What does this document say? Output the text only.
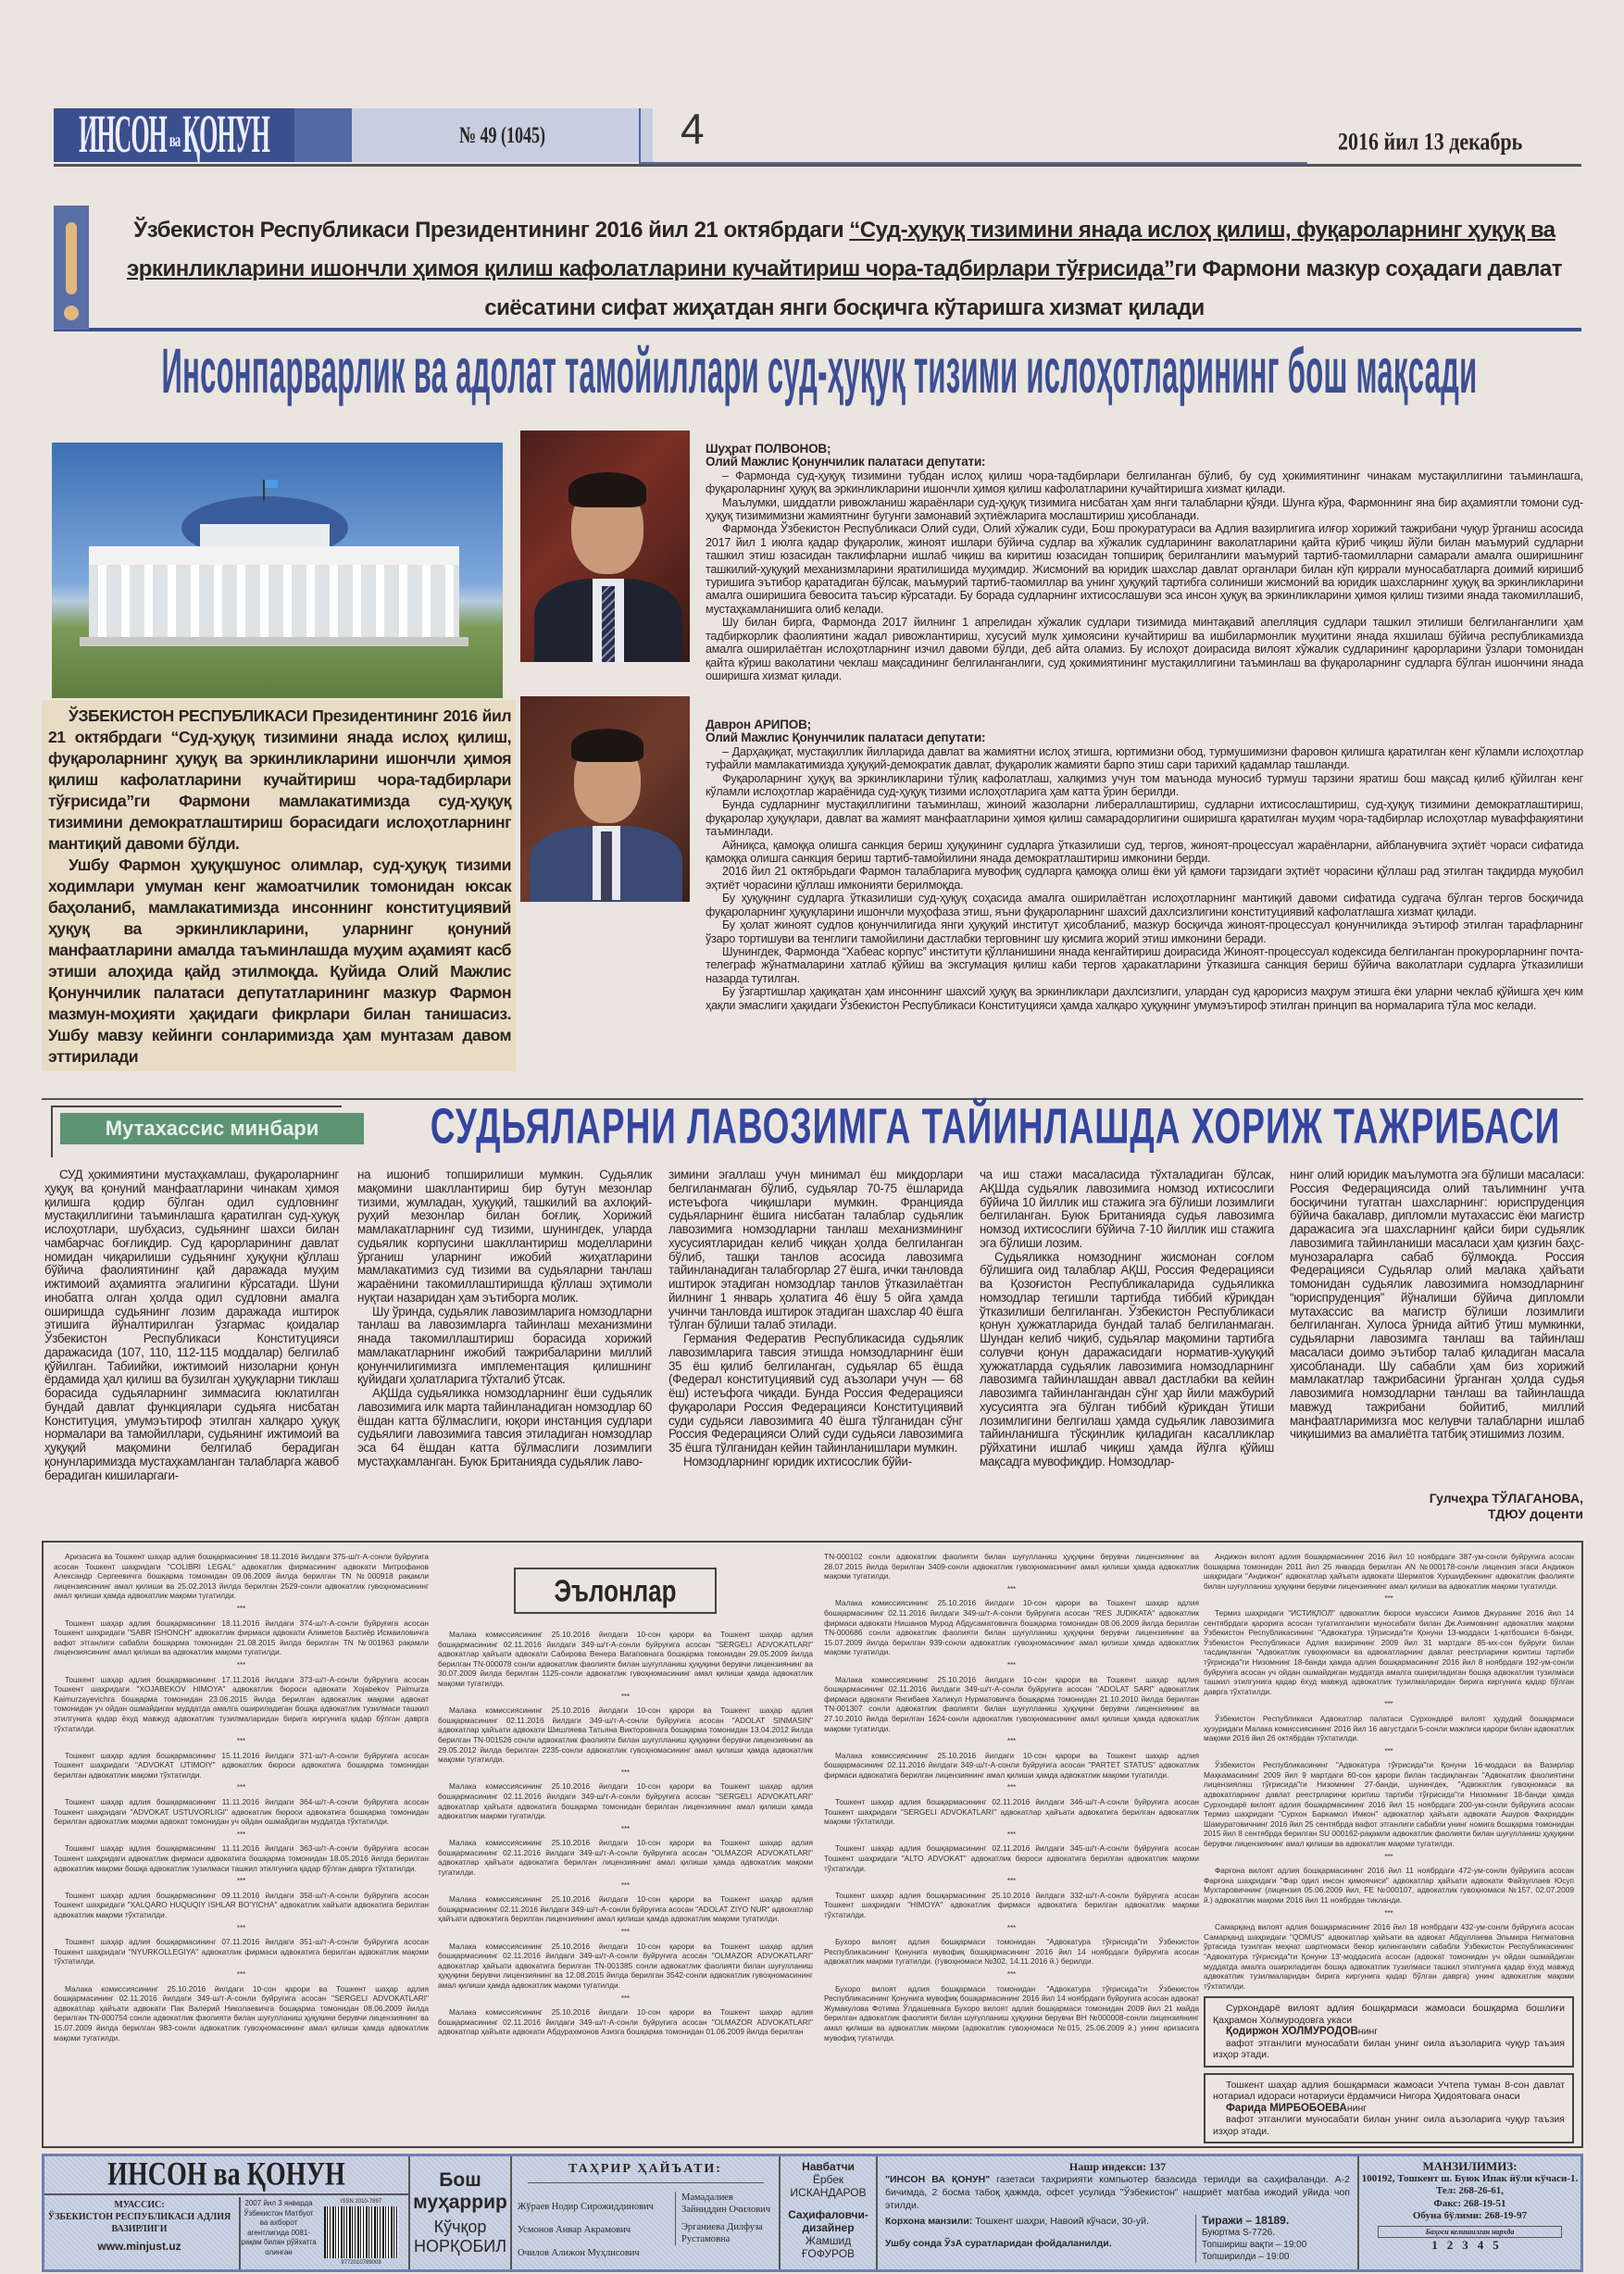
ИНСОН ва ҚОНУН	№ 49 (1045)	4	2016 йил 13 декабрь
Ўзбекистон Республикаси Президентининг 2016 йил 21 октябрдаги “Суд-ҳуқуқ тизимини янада ислоҳ қилиш, фуқароларнинг ҳуқуқ ва эркинликларини ишончли ҳимоя қилиш кафолатларини кучайтириш чора-тадбирлари тўғрисида”ги Фармони мазкур соҳадаги давлат сиёсатини сифат жиҳатдан янги босқичга кўтаришга хизмат қилади
Инсонпарварлик ва адолат тамойиллари суд-ҳуқуқ тизими ислоҳотларининг бош мақсади

Шуҳрат ПОЛВОНОВ;

Олий Мажлис Қонунчилик палатаси депутати:

– Фармонда суд-ҳуқуқ тизимини тубдан ислоҳ қилиш чора-тадбирлари белгиланган бўлиб, бу суд ҳокимиятининг чинакам мустақиллигини таъминлашга, фуқароларнинг ҳуқуқ ва эркинликларини ишончли ҳимоя қилиш кафолатларини кучайтиришга хизмат қилади.

Маълумки, шиддатли ривожланиш жараёнлари суд-ҳуқуқ тизимига нисбатан ҳам янги талабларни қўяди. Шунга кўра, Фармоннинг яна бир аҳамиятли томони суд-ҳуқуқ тизимимизни жамиятнинг бугунги замонавий эҳтиёжларига мослаштириш ҳисобланади.

Фармонда Ўзбекистон Республикаси Олий суди, Олий хўжалик суди, Бош прокуратураси ва Адлия вазирлигига илғор хорижий тажрибани чуқур ўрганиш асосида 2017 йил 1 июлга қадар фуқаролик, жиноят ишлари бўйича судлар ва хўжалик судларининг ваколатларини қайта кўриб чиқиш йўли билан маъмурий судларни ташкил этиш юзасидан таклифларни ишлаб чиқиш ва киритиш юзасидан топшириқ берилганлиги маъмурий тартиб-таомилларни самарали амалга оширишнинг ташкилий-ҳуқуқий механизмларини яратилишида муҳимдир. Жисмоний ва юридик шахслар давлат органлари билан кўп қиррали муносабатларга доимий киришиб туришига эътибор қаратадиган бўлсак, маъмурий тартиб-таомиллар ва унинг ҳуқуқий тартибга солиниши жисмоний ва юридик шахсларнинг ҳуқуқ ва эркинликларини амалга оширишига бевосита таъсир кўрсатади. Бу борада судларнинг ихтисослашуви эса инсон ҳуқуқ ва эркинликларини ҳимоя қилиш тизими янада такомиллашиб, мустаҳкамланишига олиб келади.

Шу билан бирга, Фармонда 2017 йилнинг 1 апрелидан хўжалик судлари тизимида минтақавий апелляция судлари ташкил этилиши белгиланганлиги ҳам тадбиркорлик фаолиятини жадал ривожлантириш, хусусий мулк ҳимоясини кучайтириш ва ишбилармонлик муҳитини янада яхшилаш бўйича республикамизда амалга оширилаётган ислоҳотларнинг изчил давоми бўлди, деб айта оламиз. Бу ислоҳот доирасида вилоят хўжалик судларининг қарорларини ўзлари томонидан қайта кўриш ваколатини чеклаш мақсадининг белгиланганлиги, суд ҳокимиятининг мустақиллигини таъминлаш ва фуқароларнинг судларга бўлган ишончини янада оширишга хизмат қилади.

Даврон АРИПОВ;

Олий Мажлис Қонунчилик палатаси депутати:

– Дарҳақиқат, мустақиллик йилларида давлат ва жамиятни ислоҳ этишга, юртимизни обод, турмушимизни фаровон қилишга қаратилган кенг кўламли ислоҳотлар туфайли мамлакатимизда ҳуқуқий-демократик давлат, фуқаролик жамияти барпо этиш сари тарихий қадамлар ташланди.

Фуқароларнинг ҳуқуқ ва эркинликларини тўлиқ кафолатлаш, халқимиз учун том маънода муносиб турмуш тарзини яратиш бош мақсад қилиб қўйилган кенг кўламли ислоҳотлар жараёнида суд-ҳуқуқ тизими ислоҳотларига ҳам катта ўрин берилди.

Бунда судларнинг мустақиллигини таъминлаш, жиноий жазоларни либераллаштириш, судларни ихтисослаштириш, суд-ҳуқуқ тизимини демократлаштириш, фуқаролар ҳуқуқлари, давлат ва жамият манфаатларини ҳимоя қилиш самарадорлигини оширишга қаратилган муҳим чора-тадбирлар ислоҳотлар муваффақиятини таъминлади.

Айниқса, қамоққа олишга санкция бериш ҳуқуқининг судларга ўтказилиши суд, тергов, жиноят-процессуал жараёнларни, айбланувчига эҳтиёт чораси сифатида қамоққа олишга санкция бериш тартиб-тамойилини янада демократлаштириш имконини берди.

2016 йил 21 октябрьдаги Фармон талабларига мувофиқ судларга қамоққа олиш ёки уй қамоғи тарзидаги эҳтиёт чорасини қўллаш рад этилган тақдирда муқобил эҳтиёт чорасини қўллаш имконияти берилмоқда.

Бу ҳуқуқнинг судларга ўтказилиши суд-ҳуқуқ соҳасида амалга оширилаётган ислоҳотларнинг мантиқий давоми сифатида судгача бўлган тергов босқичида фуқароларнинг ҳуқуқларини ишончли муҳофаза этиш, яъни фуқароларнинг шахсий дахлсизлигини конституциявий кафолатлашга хизмат қилади.

Бу ҳолат жиноят судлов қонунчилигида янги ҳуқуқий институт ҳисобланиб, мазкур босқичда жиноят-процессуал қонунчиликда эътироф этилган тарафларнинг ўзаро тортишуви ва тенглиги тамойилини дастлабки терговнинг шу қисмига жорий этиш имконини беради.

Шунингдек, Фармонда “Хабеас корпус” институти қўлланишини янада кенгайтириш доирасида Жиноят-процессуал кодексида белгиланган прокурорларнинг почта-телеграф жўнатмаларини хатлаб қўйиш ва эксгумация қилиш каби тергов ҳаракатларини ўтказишга санкция бериш бўйича ваколатлари судларга ўтказилиши назарда тутилган.

Бу ўзгартишлар ҳақиқатан ҳам инсоннинг шахсий ҳуқуқ ва эркинликлари дахлсизлиги, улардан суд қарорисиз маҳрум этишга ёки уларни чеклаб қўйишга ҳеч ким ҳақли эмаслиги ҳақидаги Ўзбекистон Республикаси Конституцияси ҳамда халқаро ҳуқуқнинг умумэътироф этилган принцип ва нормаларига тўла мос келади.

ЎЗБЕКИСТОН РЕСПУБЛИКАСИ Президентининг 2016 йил 21 октябрдаги “Суд-ҳуқуқ тизимини янада ислоҳ қилиш, фуқароларнинг ҳуқуқ ва эркинликларини ишончли ҳимоя қилиш кафолатларини кучайтириш чора-тадбирлари тўғрисида”ги Фармони мамлакатимизда суд-ҳуқуқ тизимини демократлаштириш борасидаги ислоҳотларнинг мантиқий давоми бўлди.

Ушбу Фармон ҳуқуқшунос олимлар, суд-ҳуқуқ тизими ходимлари умуман кенг жамоатчилик томонидан юксак баҳоланиб, мамлакатимизда инсоннинг конституциявий ҳуқуқ ва эркинликларини, уларнинг қонуний манфаатларини амалда таъминлашда муҳим аҳамият касб этиши алоҳида қайд этилмоқда. Қуйида Олий Мажлис Қонунчилик палатаси депутатларининг мазкур Фармон мазмун-моҳияти ҳақидаги фикрлари билан танишасиз. Ушбу мавзу кейинги сонларимизда ҳам мунтазам давом эттирилади

Мутахассис минбари	СУДЬЯЛАРНИ ЛАВОЗИМГА ТАЙИНЛАШДА ХОРИЖ ТАЖРИБАСИ

СУД ҳокимиятини мустаҳкамлаш, фуқароларнинг ҳуқуқ ва қонуний манфаатларини чинакам ҳимоя қилишга қодир бўлган одил судловнинг мустақиллигини таъминлашга қаратилган суд-ҳуқуқ ислоҳотлари, шубҳасиз, судьянинг шахси билан чамбарчас боғлиқдир. Суд қарорларининг давлат номидан чиқарилиши судьянинг ҳуқуқни қўллаш бўйича фаолиятининг қай даражада муҳим ижтимоий аҳамиятга эгалигини кўрсатади. Шуни инобатга олган ҳолда одил судловни амалга оширишда судьянинг лозим даражада иштирок этишига йўналтирилган ўзгармас қоидалар Ўзбекистон Республикаси Конституцияси даражасида (107, 110, 112-115 моддалар) белгилаб қўйилган. Табиийки, ижтимоий низоларни қонун ёрдамида ҳал қилиш ва бузилган ҳуқуқларни тиклаш борасида судьяларнинг зиммасига юклатилган бундай давлат функциялари судьяга нисбатан Конституция, умумэътироф этилган халқаро ҳуқуқ нормалари ва тамойиллари, судьянинг ижтимоий ва ҳуқуқий мақомини белгилаб берадиган қонунларимизда мустаҳкамланган талабларга жавоб берадиган кишиларгаги-

на ишониб топширилиши мумкин. Судьялик мақомини шакллантириш бир бутун мезонлар тизими, жумладан, ҳуқуқий, ташкилий ва ахлоқий-руҳий мезонлар билан боғлиқ. Хорижий мамлакатларнинг суд тизими, шунингдек, уларда судьялик корпусини шакллантириш моделларини ўрганиш уларнинг ижобий жиҳатларини мамлакатимиз суд тизими ва судьяларни танлаш жараёнини такомиллаштиришда қўллаш эҳтимоли нуқтаи назаридан ҳам эътиборга молик.

Шу ўринда, судьялик лавозимларига номзодларни танлаш ва лавозимларга тайинлаш механизмини янада такомиллаштириш борасида хорижий мамлакатларнинг ижобий тажрибаларини миллий қонунчилигимизга имплементация қилишнинг қуйидаги ҳолатларига тўхталиб ўтсак.

АҚШда судьяликка номзодларнинг ёши судьялик лавозимига илк марта тайинланадиган номзодлар 60 ёшдан катта бўлмаслиги, юқори инстанция судлари судьялиги лавозимига тавсия этиладиган номзодлар эса 64 ёшдан катта бўлмаслиги лозимлиги мустаҳкамланган. Буюк Британияда судьялик лаво-

зимини эгаллаш учун минимал ёш миқдорлари белгиланмаган бўлиб, судьялар 70-75 ёшларида истеъфога чиқишлари мумкин. Францияда судьяларнинг ёшига нисбатан талаблар судьялик лавозимига номзодларни танлаш механизмининг хусусиятларидан келиб чиққан ҳолда белгиланган бўлиб, ташқи танлов асосида лавозимга тайинланадиган талабгорлар 27 ёшга, ички танловда иштирок этадиган номзодлар танлов ўтказилаётган йилнинг 1 январь ҳолатига 46 ёшу 5 ойга ҳамда учинчи танловда иштирок этадиган шахслар 40 ёшга тўлган бўлиши талаб этилади.

Германия Федератив Республикасида судьялик лавозимларига тавсия этишда номзодларнинг ёши 35 ёш қилиб белгиланган, судьялар 65 ёшда (Федерал конституциявий суд аъзолари учун — 68 ёш) истеъфога чиқади. Бунда Россия Федерацияси фуқаролари Россия Федерацияси Конституциявий суди судьяси лавозимига 40 ёшга тўлганидан сўнг Россия Федерацияси Олий суди судьяси лавозимига 35 ёшга тўлганидан кейин тайинланишлари мумкин.

Номзодларнинг юридик ихтисослик бўйи-

ча иш стажи масаласида тўхталадиган бўлсак, АҚШда судьялик лавозимига номзод ихтисослиги бўйича 10 йиллик иш стажига эга бўлиши лозимлиги белгиланган. Буюк Британияда судья лавозимга номзод ихтисослиги бўйича 7-10 йиллик иш стажига эга бўлиши лозим.

Судьяликка номзоднинг жисмонан соғлом бўлишига оид талаблар АҚШ, Россия Федерацияси ва Қозоғистон Республикаларида судьяликка номзодлар тегишли тартибда тиббий кўрикдан ўтказилиши белгиланган. Ўзбекистон Республикаси қонун ҳужжатларида бундай талаб белгиланмаган. Шундан келиб чиқиб, судьялар мақомини тартибга солувчи қонун даражасидаги норматив-ҳуқуқий ҳужжатларда судьялик лавозимига номзодларнинг лавозимга тайинлашдан аввал дастлабки ва кейин лавозимга тайинлангандан сўнг ҳар йили мажбурий хусусиятга эга бўлган тиббий кўрикдан ўтиши лозимлигини белгилаш ҳамда судьялик лавозимига тайинланишга тўсқинлик қиладиган касалликлар рўйхатини ишлаб чиқиш ҳамда йўлга қўйиш мақсадга мувофиқдир. Номзодлар-

нинг олий юридик маълумотга эга бўлиши масаласи: Россия Федерациясида олий таълимнинг учта босқичини тугатган шахсларнинг: юриспруденция бўйича бакалавр, дипломли мутахассис ёки магистр даражасига эга шахсларнинг қайси бири судьялик лавозимига тайинланиши масаласи ҳам қизғин баҳс-мунозараларга сабаб бўлмоқда. Россия Федерацияси Судьялар олий малака ҳайъати томонидан судьялик лавозимига номзодларнинг “юриспруденция” йўналиши бўйича дипломли мутахассис ва магистр бўлиши лозимлиги белгиланган. Хулоса ўрнида айтиб ўтиш мумкинки, судьяларни лавозимга танлаш ва тайинлаш масаласи доимо эътибор талаб қиладиган масала ҳисобланади. Шу сабабли ҳам биз хорижий мамлакатлар тажрибасини ўрганган ҳолда судья лавозимига номзодларни танлаш ва тайинлашда мавжуд тажрибани бойитиб, миллий манфаатларимизга мос келувчи талабларни ишлаб чиқишимиз ва амалиётга татбиқ этишимиз лозим.

Гулчеҳра ТЎЛАГАНОВА,
ТДЮУ доценти
Эълонлар

Аризасига ва Тошкент шаҳар адлия бошқармасининг 18.11.2016 йилдаги 375-ш/т-А-сонли буйруғига асосан Тошкент шаҳридаги "COLIBRI LEGAL" адвокатлик фирмасининг адвокати Митрофанов Александр Сергеевичга бошқарма томонидан 09.06.2009 йилда берилган TN №000918 рақамли лицензиясининг амал қилиши ва 25.02.2013 йилда берилган 2529-сонли адвокатлик гувоҳномасининг амал қилиши ҳамда адвокатлик мақоми тугатилди.

***

Тошкент шаҳар адлия бошқармасининг 18.11.2016 йилдаги 374-ш/т-А-сонли буйруғига асосан Тошкент шаҳридаги "SABR ISHONCH" адвокатлик фирмаси адвокати Алиметов Бахтиёр Исмаиловичга вафот этганлиги сабабли бошқарма томонидан 21.08.2015 йилда берилган TN №001963 рақамли лицензиясининг амал қилиши ва адвокатлик мақоми тугатилди.

***

Тошкент шаҳар адлия бошқармасининг 17.11.2016 йилдаги 373-ш/т-А-сонли буйруғига асосан Тошкент шаҳридаги "XOJABEKOV HIMOYA" адвокатлик бюроси адвокати Xojabekov Palmurza Kaimurzayevichга бошқарма томонидан 23.06.2015 йилда берилган адвокатлик мақоми адвокат томонидан уч ойдан ошмайдиган муддатда амалга ошириладиган бошқа адвокатлик тузилмаси ташкил этилгунига қадар ёхуд мавжуд адвокатлик тузилмаларидан бирига киргунига қадар бўлган даврга тўхтатилди.

***

Тошкент шаҳар адлия бошқармасининг 15.11.2016 йилдаги 371-ш/т-А-сонли буйруғига асосан Тошкент шаҳридаги "ADVOKAT IJTIMOIY" адвокатлик бюроси адвокатига бошқарма томонидан берилган адвокатлик мақоми тўхтатилди.

***

Тошкент шаҳар адлия бошқармасининг 11.11.2016 йилдаги 364-ш/т-А-сонли буйруғига асосан Тошкент шаҳридаги "ADVOKAT USTUVORLIGI" адвокатлик бюроси адвокатига бошқарма томонидан берилган адвокатлик мақоми адвокат томонидан уч ойдан ошмайдиган муддатда тўхтатилди.

***

Тошкент шаҳар адлия бошқармасининг 11.11.2016 йилдаги 363-ш/т-А-сонли буйруғига асосан Тошкент шаҳридаги адвокатлик фирмаси адвокатига бошқарма томонидан 18.05.2016 йилда берилган адвокатлик мақоми бошқа адвокатлик тузилмаси ташкил этилгунига қадар бўлган даврга тўхтатилди.

***

Тошкент шаҳар адлия бошқармасининг 09.11.2016 йилдаги 358-ш/т-А-сонли буйруғига асосан Тошкент шаҳридаги "XALQARO HUQUQIY ISHLAR BO'YICHA" адвокатлик хайъати адвокатига берилган адвокатлик мақоми тўхтатилди.

***

Тошкент шаҳар адлия бошқармасининг 07.11.2016 йилдаги 351-ш/т-А-сонли буйруғига асосан Тошкент шаҳридаги "NYURKOLLEGIYA" адвокатлик фирмаси адвокатига берилган адвокатлик мақоми тўхтатилди.

***

Малака комиссиясининг 25.10.2016 йилдаги 10-сон қарори ва Тошкент шаҳар адлия бошқармасининг 02.11.2016 йилдаги 349-ш/т-А-сонли буйруғига асосан "SERGELI ADVOKATLARI" адвокатлар ҳайъати адвокати Пак Валерий Николаевичга бошқарма томонидан 08.06.2009 йилда берилган TN-000754 сонли адвокатлик фаолияти билан шуғулланиш ҳуқуқини берувчи лицензиянинг ва 15.07.2009 йилда берилган 983-сонли адвокатлик гувоҳномасининг амал қилиши ҳамда адвокатлик мақоми тугатилди.

Малака комиссиясининг 25.10.2016 йилдаги 10-сон қарори ва Тошкент шаҳар адлия бошқармасининг 02.11.2016 йилдаги 349-ш/т-А-сонли буйруғига асосан "SERGELI ADVOKATLARI" адвокатлар ҳайъати адвокати Сабирова Венера Вагаповнага бошқарма томонидан 29.05.2009 йилда берилган TN-000078 сонли адвокатлик фаолияти билан шуғулланиш ҳуқуқини берувчи лицензиянинг ва 30.07.2009 йилда берилган 1125-сонли адвокатлик гувоҳномасининг амал қилиши ҳамда адвокатлик мақоми тугатилди.

***

Малака комиссиясининг 25.10.2016 йилдаги 10-сон қарори ва Тошкент шаҳар адлия бошқармасининг 02.11.2016 йилдаги 349-ш/т-А-сонли буйруғига асосан "ADOLAT SINMASIN" адвокатлар ҳайъати адвокати Шишляева Татьяна Викторовнага бошқарма томонидан 13.04.2012 йилда берилган TN-001526 сонли адвокатлик фаолияти билан шуғулланиш ҳуқуқини берувчи лицензиянинг ва 29.05.2012 йилда берилган 2235-сонли адвокатлик гувоҳномасининг амал қилиши ҳамда адвокатлик мақоми тугатилди.

***

Малака комиссиясининг 25.10.2016 йилдаги 10-сон қарори ва Тошкент шаҳар адлия бошқармасининг 02.11.2016 йилдаги 349-ш/т-А-сонли буйруғига асосан "SERGELI ADVOKATLARI" адвокатлар ҳайъати адвокатига бошқарма томонидан берилган лицензиянинг амал қилиши ҳамда адвокатлик мақоми тугатилди.

***

Малака комиссиясининг 25.10.2016 йилдаги 10-сон қарори ва Тошкент шаҳар адлия бошқармасининг 02.11.2016 йилдаги 349-ш/т-А-сонли буйруғига асосан "OLMAZOR ADVOKATLARI" адвокатлар ҳайъати адвокатига берилган лицензиянинг амал қилиши ҳамда адвокатлик мақоми тугатилди.

***

Малака комиссиясининг 25.10.2016 йилдаги 10-сон қарори ва Тошкент шаҳар адлия бошқармасининг 02.11.2016 йилдаги 349-ш/т-А-сонли буйруғига асосан "ADOLAT ZIYO NUR" адвокатлар ҳайъати адвокатига берилган лицензиянинг амал қилиши ҳамда адвокатлик мақоми тугатилди.

***

Малака комиссиясининг 25.10.2016 йилдаги 10-сон қарори ва Тошкент шаҳар адлия бошқармасининг 02.11.2016 йилдаги 349-ш/т-А-сонли буйруғига асосан "OLMAZOR ADVOKATLARI" адвокатлар ҳайъати адвокатига берилган TN-001385 сонли адвокатлик фаолияти билан шуғулланиш ҳуқуқини берувчи лицензиянинг ва 12.08.2015 йилда берилган 3542-сонли адвокатлик гувоҳномасининг амал қилиши ҳамда адвокатлик мақоми тугатилди.

***

Малака комиссиясининг 25.10.2016 йилдаги 10-сон қарори ва Тошкент шаҳар адлия бошқармасининг 02.11.2016 йилдаги 349-ш/т-А-сонли буйруғига асосан "OLMAZOR ADVOKATLARI" адвокатлар ҳайъати адвокати Абдурахмонов Азизга бошқарма томонидан 01.06.2009 йилда берилган

TN-000102 сонли адвокатлик фаолияти билан шуғулланиш ҳуқуқини берувчи лицензиянинг ва 28.07.2015 йилда берилган 3409-сонли адвокатлик гувоҳномасининг амал қилиши ҳамда адвокатлик мақоми тугатилди.

***

Малака комиссиясининг 25.10.2016 йилдаги 10-сон қарори ва Тошкент шаҳар адлия бошқармасининг 02.11.2016 йилдаги 349-ш/т-А-сонли буйруғига асосан "RES JUDIKATA" адвокатлик фирмаси адвокати Нишанов Мурод Абдусаматовичга бошқарма томонидан 08.06.2009 йилда берилган TN-000686 сонли адвокатлик фаолияти билан шуғулланиш ҳуқуқини берувчи лицензиянинг ва 15.07.2009 йилда берилган 939-сонли адвокатлик гувоҳномасининг амал қилиши ҳамда адвокатлик мақоми тугатилди.

***

Малака комиссиясининг 25.10.2016 йилдаги 10-сон қарори ва Тошкент шаҳар адлия бошқармасининг 02.11.2016 йилдаги 349-ш/т-А-сонли буйруғига асосан "ADOLAT SARI" адвокатлик фирмаси адвокати Янгибаев Халикул Нурматовичга бошқарма томонидан 21.10.2010 йилда берилган TN-001307 сонли адвокатлик фаолияти билан шуғулланиш ҳуқуқини берувчи лицензиянинг ва 27.10.2010 йилда берилган 1624-сонли адвокатлик гувоҳномасининг амал қилиши ҳамда адвокатлик мақоми тугатилди.

***

Малака комиссиясининг 25.10.2016 йилдаги 10-сон қарори ва Тошкент шаҳар адлия бошқармасининг 02.11.2016 йилдаги 349-ш/т-А-сонли буйруғига асосан "PARTET STATUS" адвокатлик фирмаси адвокатига берилган лицензиянинг амал қилиши ҳамда адвокатлик мақоми тугатилди.

***

Тошкент шаҳар адлия бошқармасининг 02.11.2016 йилдаги 346-ш/т-А-сонли буйруғига асосан Тошкент шаҳридаги "SERGELI ADVOKATLARI" адвокатлар ҳайъати адвокатига берилган адвокатлик мақоми тўхтатилди.

***

Тошкент шаҳар адлия бошқармасининг 02.11.2016 йилдаги 345-ш/т-А-сонли буйруғига асосан Тошкент шаҳридаги "ALTO ADVOKAT" адвокатлик бюроси адвокатига берилган адвокатлик мақоми тўхтатилди.

***

Тошкент шаҳар адлия бошқармасининг 25.10.2016 йилдаги 332-ш/т-А-сонли буйруғига асосан Тошкент шаҳридаги "HIMOYA" адвокатлик фирмаси адвокатига берилган адвокатлик мақоми тўхтатилди.

***

Бухоро вилоят адлия бошқармаси томонидан "Адвокатура тўғрисида"ги Ўзбекистон Республикасининг Қонунига мувофиқ бошқармасининг 2016 йил 14 ноябрдаги буйруғига асосан адвокатлик мақоми тугатилди. (гувоҳномаси №302, 14.11.2016 й.) берилди.

***

Бухоро вилоят адлия бошқармаси томонидан "Адвокатура тўғрисида"ги Ўзбекистон Республикасининг Қонунига мувофиқ бошқармасининг 2016 йил 14 ноябрдаги буйруғига асосан адвокат Жумакулова Фотима Ўлдашевнага Бухоро вилоят адлия бошқармаси томонидан 2009 йил 21 майда берилган адвокатлик фаолияти билан шуғулланиш ҳуқуқини берувчи BH №000008-сонли лицензиянинг амал қилиши ва адвокатлик мақоми (адвокатлик гувоҳномаси №015, 25.06.2009 й.) унинг аризасига мувофиқ тугатилди.

Андижон вилоят адлия бошқармасининг 2016 йил 10 ноябрдаги 387-ум-сонли буйруғига асосан бошқарма томонидан 2011 йил 25 январда берилган AN №000178-сонли лицензия эгаси Андижон шаҳридаги "Андижон" адвокатлар ҳайъати адвокати Шерматов Хуршидбекнинг адвокатлик фаолияти билан шуғулланиш ҳуқуқини берувчи лицензиянинг амал қилиши ва адвокатлик мақоми тугатилди.

***

Термиз шаҳридаги "ИСТИҚЛОЛ" адвокатлик бюроси муассиси Азимов Джуранинг 2016 йил 14 сентябрдаги қарорига асосан тугатилганлиги муносабати билан Дж.Азимовнинг адвокатлик мақоми Ўзбекистон Республикасининг "Адвокатура тўғрисида"ги Қонуни 13-моддаси 1-қатбошиси 6-банди, Ўзбекистон Республикаси Адлия вазирининг 2009 йил 31 мартдаги 85-мх-сон буйруғи билан тасдиқланган "Адвокатлик гувоҳномаси ва адвокатларнинг давлат реестрларини юритиш тартиби тўғрисида"ги Низомнинг 18-банди ҳамда адлия бошқармасининг 2016 йил 8 ноябрдаги 192-ум-сонли буйруғига асосан уч ойдан ошмайдиган муддатда амалга ошириладиган бошқа адвокатлик тузилмаси ташкил этилгунига қадар ёхуд мавжуд адвокатлик тузилмаларидан бирига киргунига қадар бўлган даврга тўхтатилди.

***

Ўзбекистон Республикаси Адвокатлар палатаси Сурхондарё вилоят ҳудудий бошқармаси ҳузуридаги Малака комиссиясининг 2016 йил 16 августдаги 5-сонли мажлиси қарори билан адвокатлик мақоми 2016 йил 26 октябрдан тўхтатилди.

***

Ўзбекистон Республикасининг "Адвокатура тўғрисида"ги Қонуни 16-моддаси ва Вазирлар Маҳкамасининг 2009 йил 9 мартдаги 60-сон қарори билан тасдиқланган "Адвокатлик фаолиятини лицензиялаш тўғрисида"ги Низомнинг 27-банди, шунингдек, "Адвокатлик гувоҳномаси ва адвокатларнинг давлат реестрларини юритиш тартиби тўғрисида"ги Низомнинг 18-банди ҳамда Сурхондарё вилоят адлия бошқармасининг 2016 йил 15 ноябрдаги 200-ум-сонли буйруғига асосан Термиз шаҳридаги "Сурхон Баркамол Имкон" адвокатлар ҳайъати адвокати Ашуров Фахриддин Шамуратовичнинг 2016 йил 25 сентябрда вафот этганлиги сабабли унинг номига бошқарма томонидан 2015 йил 8 сентябрда берилган SU 000162-рақамли адвокатлик фаолияти билан шуғулланиш ҳуқуқини берувчи лицензиянинг амал қилиши ва адвокатлик мақоми тугатилди.

***

Фарғона вилоят адлия бошқармасининг 2016 йил 11 ноябрдаги 472-ум-сонли буйруғига асосан Фарғона шаҳридаги "Фар одил инсон ҳимоячиси" адвокатлар ҳайъати адвокати Файзуллаев Юсуп Мухтаровичнинг (лицензия 05.06.2009 йил, FE №000107, адвокатлик гувоҳномаси №157, 02.07.2009 й.) адвокатлик мақоми 2016 йил 11 ноябрдан тикланди.

***

Самарқанд вилоят адлия бошқармасининг 2016 йил 18 ноябрдаги 432-ум-сонли буйруғига асосан Самарқанд шаҳридаги "QOMUS" адвокатлар ҳайъати ва адвокат Абдуллаева Эльмира Нигматовна ўртасида тузилган меҳнат шартномаси бекор қилинганлиги сабабли Ўзбекистон Республикасининг "Адвокатура тўғрисида"ги Қонуни 13'-моддасига асосан (адвокат томонидан уч ойдан ошмайдиган муддатда амалга ошириладиган бошқа адвокатлик тузилмаси ташкил этилгунига қадар ёхуд мавжуд адвокатлик тузилмаларидан бирига киргунига қадар бўлган даврга) унинг адвокатлик мақоми тўхтатилди.

Сурхондарё вилоят адлия бошқармаси жамоаси бошқарма бошлиғи Қаҳрамон Холмуродовга укаси

Қодиржон ХОЛМУРОДОВнинг

вафот этганлиги муносабати билан унинг оила аъзоларига чуқур таъзия изҳор этади.

Тошкент шаҳар адлия бошқармаси жамоаси Учтепа туман 8-сон давлат нотариал идораси нотариуси ёрдамчиси Нигора Ҳидоятовага онаси

Фарида МИРБОБОЕВАнинг

вафот этганлиги муносабати билан унинг оила аъзоларига чуқур таъзия изҳор этади.

ИНСОН ва ҚОНУН
МУАССИС:
ЎЗБЕКИСТОН РЕСПУБЛИКАСИ АДЛИЯ ВАЗИРЛИГИ
www.minjust.uz
2007 йил 3 январда Ўзбекистон Матбуот ва ахборот агентлигида 0081-рақам билан рўйхатга олинган
ISSN 2010-7897
9772010789008
Бош муҳаррир
Кўчқор
НОРҚОБИЛ
ТАҲРИР ҲАЙЪАТИ:
Жўраев Нодир Сирожиддинович
Усмонов Анвар Акрамович
Очилов Алижон Муҳлисович
Мамадалиев Зайниддин Очилович
Эрганиева Дилфуза Рустамовна
Навбатчи
Ёрбек
ИСКАНДАРОВ
Саҳифаловчи-дизайнер
Жамшид
ҒОФУРОВ
Нашр индекси: 137
"ИНСОН ВА ҚОНУН" газетаси таҳририяти компьютер базасида терилди ва саҳифаланди. А-2 бичимда, 2 босма табоқ ҳажмда, офсет усулида "Ўзбекистон" нашриёт матбаа ижодий уйида чоп этилди.
Корхона манзили: Тошкент шаҳри, Навоий кўчаси, 30-уй.
Ушбу сонда ЎзА суратларидан фойдаланилди.
Тиражи – 18189.
Буюртма S-7726.
Топшириш вақти – 19:00
Топширилди – 19:00
МАНЗИЛИМИЗ:
100192, Тошкент ш. Буюк Ипак йўли кўчаси-1.
Тел: 268-26-61,
Факс: 268-19-51
Обуна бўлими: 268-19-97
Баҳоси келишилган нархда
12345
